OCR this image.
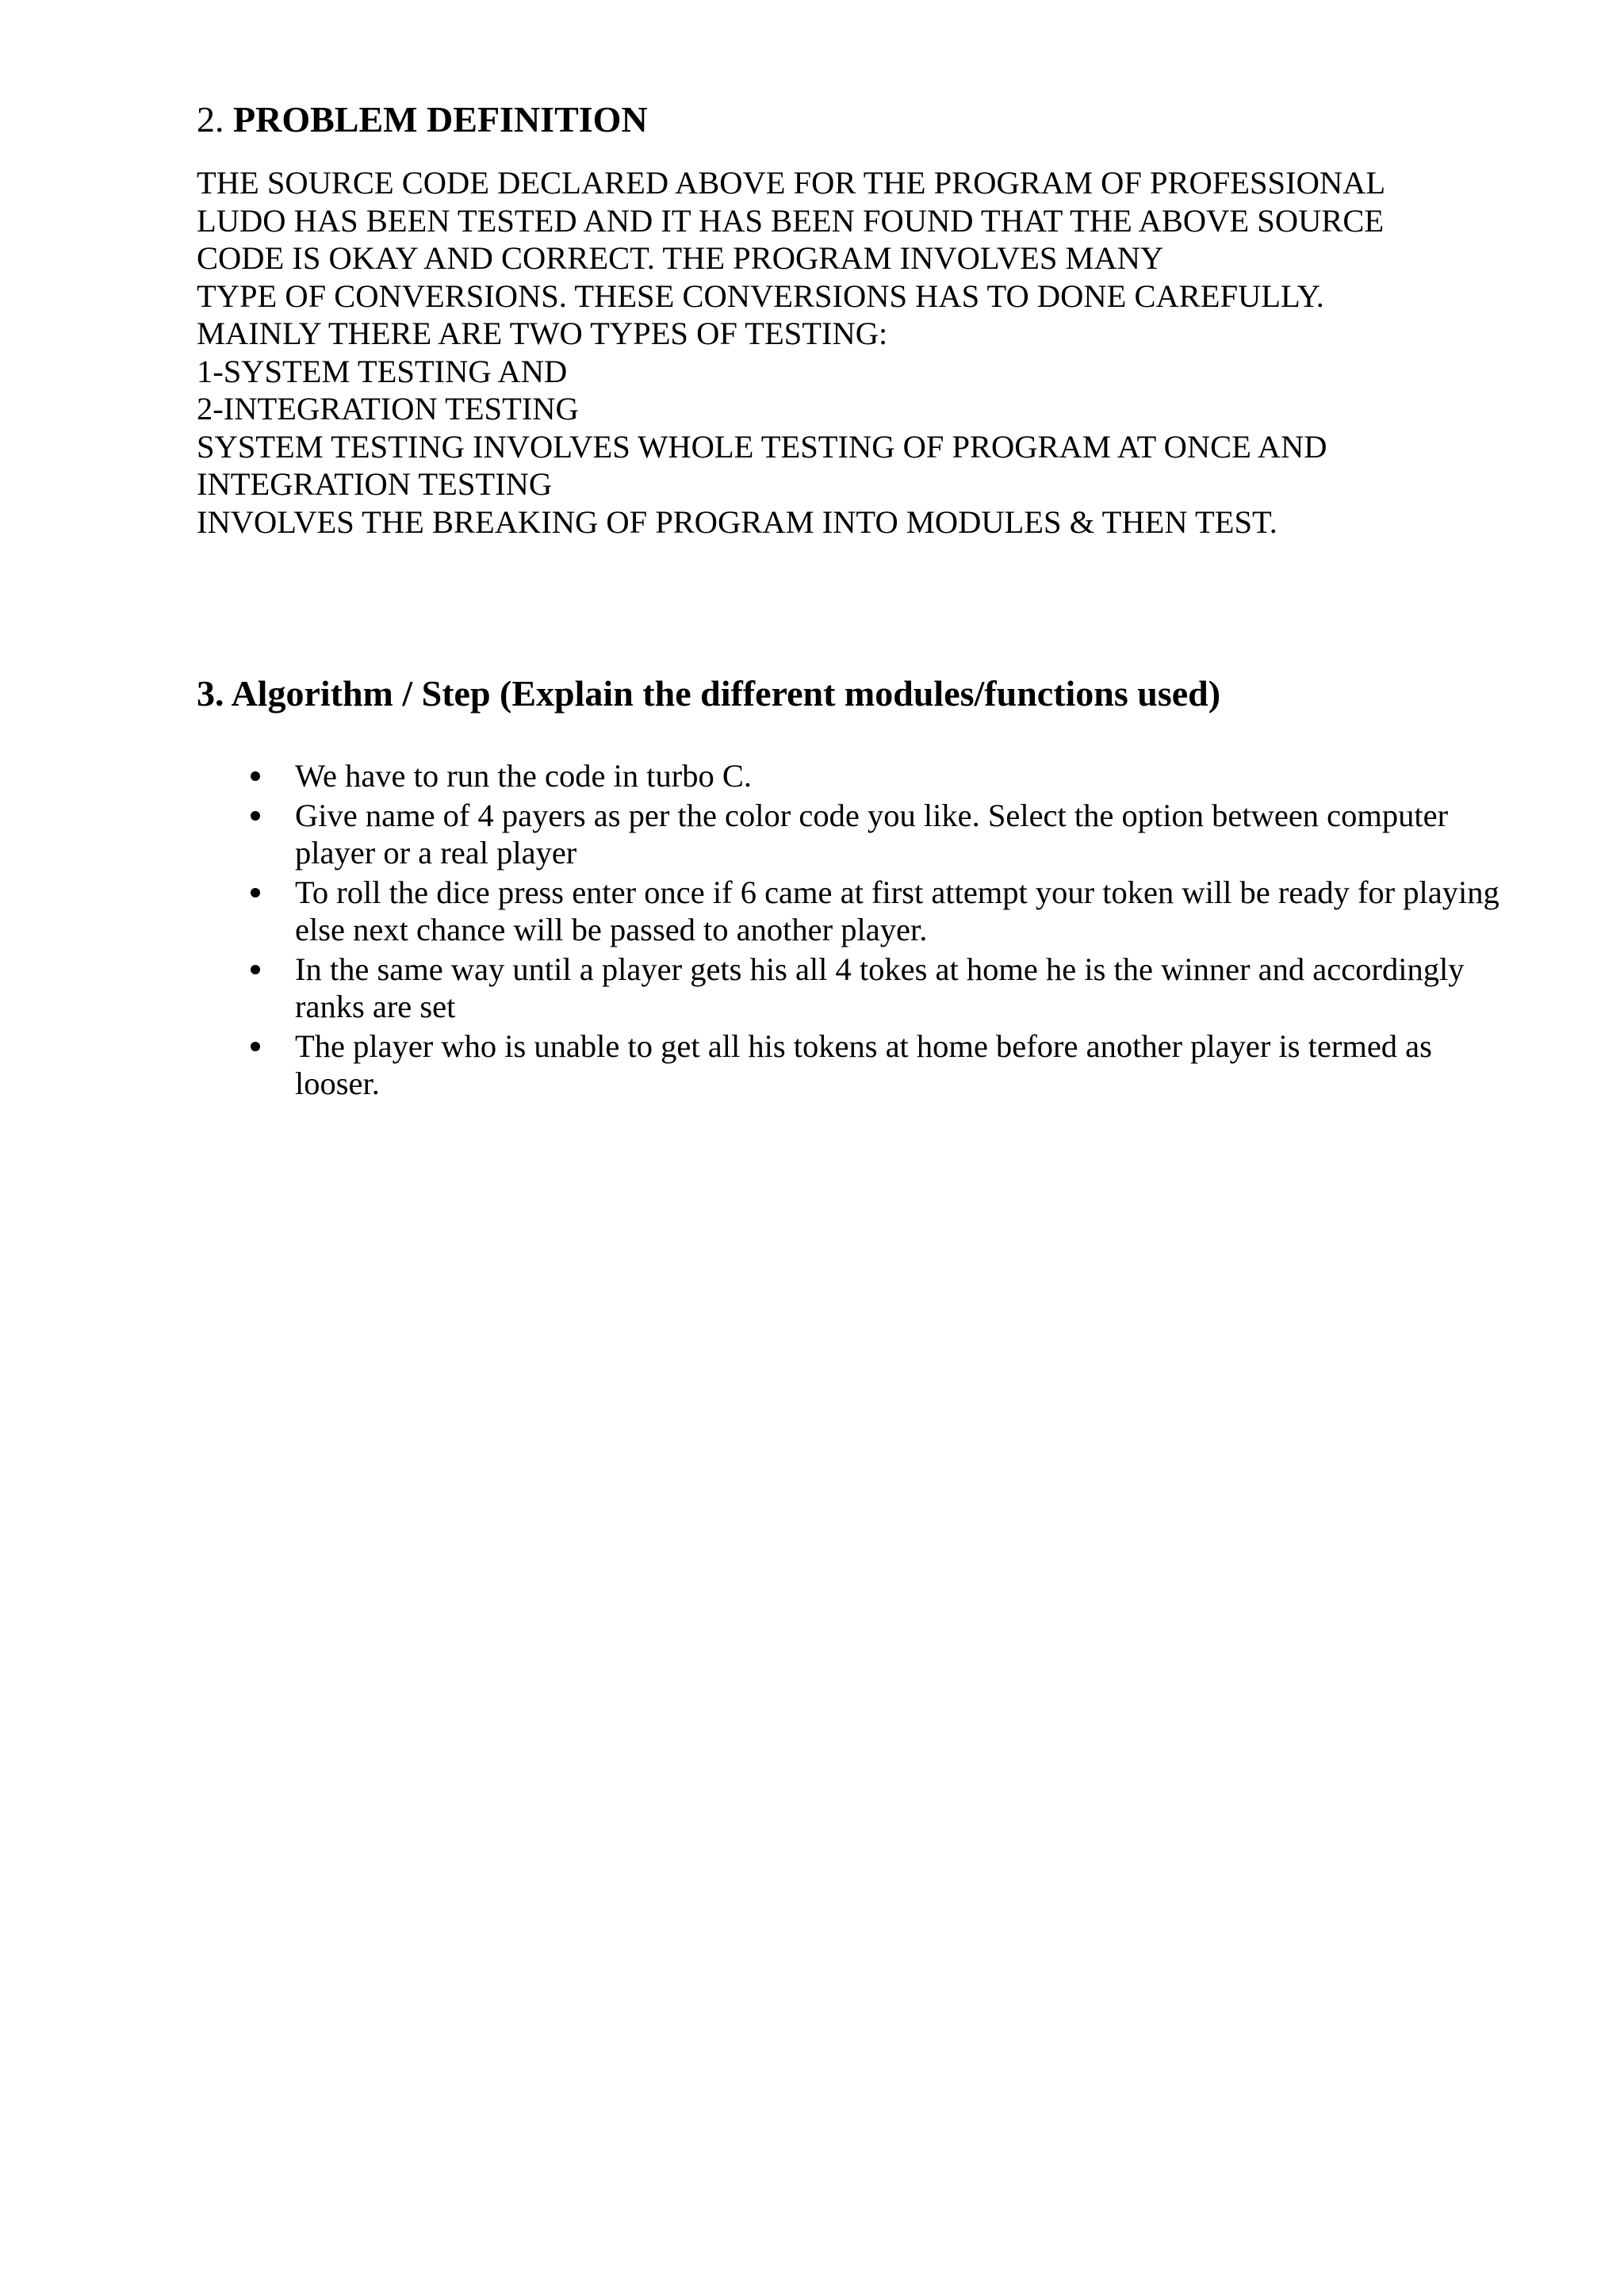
2. PROBLEM DEFINITION
THE SOURCE CODE DECLARED ABOVE FOR THE PROGRAM OF PROFESSIONAL
LUDO HAS BEEN TESTED AND IT HAS BEEN FOUND THAT THE ABOVE SOURCE
CODE IS OKAY AND CORRECT. THE PROGRAM INVOLVES MANY
TYPE OF CONVERSIONS. THESE CONVERSIONS HAS TO DONE CAREFULLY.
MAINLY THERE ARE TWO TYPES OF TESTING:
1-SYSTEM TESTING AND
2-INTEGRATION TESTING
SYSTEM TESTING INVOLVES WHOLE TESTING OF PROGRAM AT ONCE AND
INTEGRATION TESTING
INVOLVES THE BREAKING OF PROGRAM INTO MODULES & THEN TEST.
3. Algorithm / Step (Explain the different modules/functions used)
We have to run the code in turbo C.
Give name of 4 payers as per the color code you like. Select the option between computer player or a real player
To roll the dice press enter once if 6 came at first attempt your token will be ready for playing else next chance will be passed to another player.
In the same way until a player gets his all 4 tokes at home he is the winner and accordingly ranks are set
The player who is unable to get all his tokens at home before another player is termed as looser.
